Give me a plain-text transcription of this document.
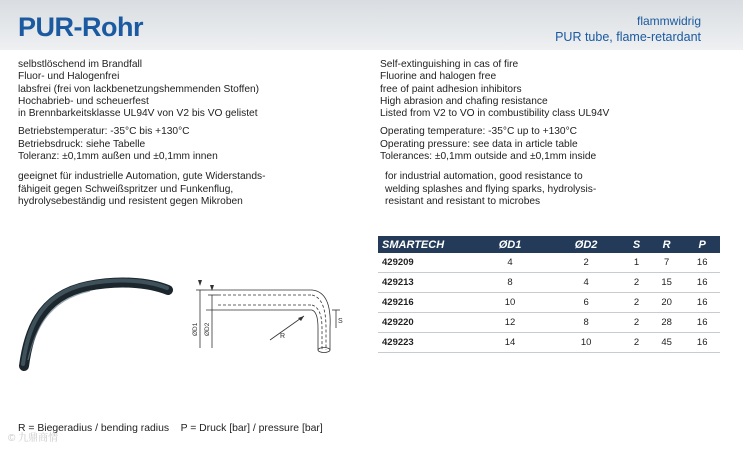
PUR-Rohr	flammwidrig
PUR tube, flame-retardant
selbstlöschend im Brandfall
Fluor- und Halogenfrei
labsfrei (frei von lackbenetzungshemmenden Stoffen)
Hochabrieb- und scheuerfest
in Brennbarkeitsklasse UL94V von V2 bis VO gelistet
Betriebstemperatur: -35°C bis +130°C
Betriebsdruck: siehe Tabelle
Toleranz: ±0,1mm außen und ±0,1mm innen
geeignet für industrielle Automation, gute Widerstands-
fähigeit gegen Schweißspritzer und Funkenflug,
hydrolysebeständig und resistent gegen Mikroben
Self-extinguishing in cas of fire
Fluorine and halogen free
free of paint adhesion inhibitors
High abrasion and chafing resistance
Listed from V2 to VO in combustibility class UL94V
Operating temperature: -35°C up to +130°C
Operating pressure: see data in article table
Tolerances: ±0,1mm outside and ±0,1mm inside
for industrial automation, good resistance to
welding splashes and flying sparks, hydrolysis-
resistant and resistant to microbes
ØD1 ØD2
R
S
SMARTECH	ØD1	ØD2	S	R	P
429209	4	2	1	7	16
429213	8	4	2	15	16
429216	10	6	2	20	16
429220	12	8	2	28	16
429223	14	10	2	45	16
R = Biegeradius / bending radius    P = Druck [bar] / pressure [bar]
© 九鼎商情
